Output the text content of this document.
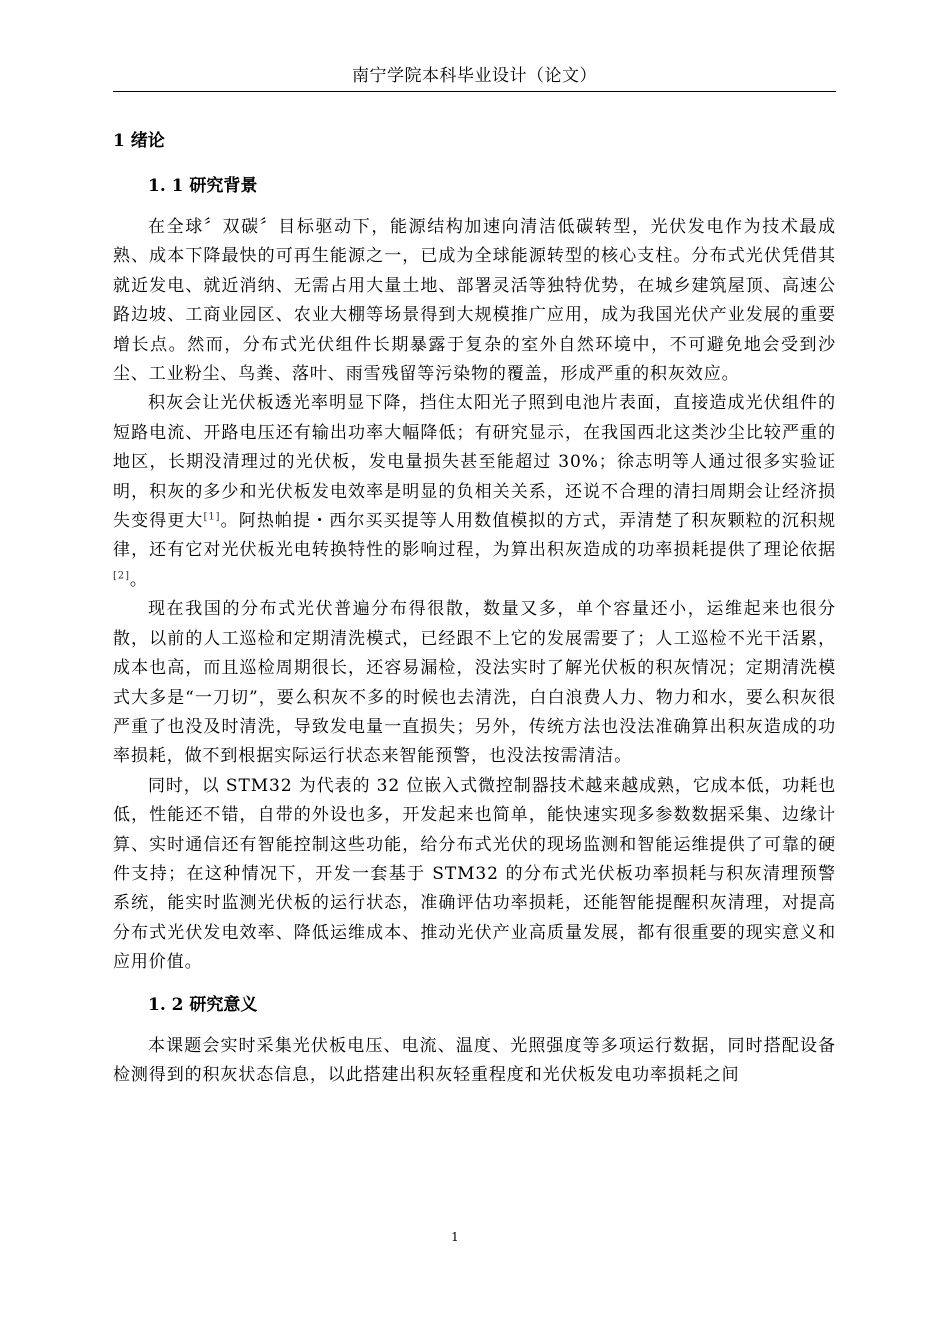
南宁学院本科毕业设计（论文）

1 绪论

1. 1 研究背景

在全球〞双碳〞目标驱动下，能源结构加速向清洁低碳转型，光伏发电作为技术最成熟、成本下降最快的可再生能源之一，已成为全球能源转型的核心支柱。分布式光伏凭借其就近发电、就近消纳、无需占用大量土地、部署灵活等独特优势，在城乡建筑屋顶、高速公路边坡、工商业园区、农业大棚等场景得到大规模推广应用，成为我国光伏产业发展的重要增长点。然而，分布式光伏组件长期暴露于复杂的室外自然环境中，不可避免地会受到沙尘、工业粉尘、鸟粪、落叶、雨雪残留等污染物的覆盖，形成严重的积灰效应。

积灰会让光伏板透光率明显下降，挡住太阳光子照到电池片表面，直接造成光伏组件的短路电流、开路电压还有输出功率大幅降低；有研究显示，在我国西北这类沙尘比较严重的地区，长期没清理过的光伏板，发电量损失甚至能超过 30%；徐志明等人通过很多实验证明，积灰的多少和光伏板发电效率是明显的负相关关系，还说不合理的清扫周期会让经济损失变得更大[1]。阿热帕提・西尔买买提等人用数值模拟的方式，弄清楚了积灰颗粒的沉积规律，还有它对光伏板光电转换特性的影响过程，为算出积灰造成的功率损耗提供了理论依据[2]。

现在我国的分布式光伏普遍分布得很散，数量又多，单个容量还小，运维起来也很分散，以前的人工巡检和定期清洗模式，已经跟不上它的发展需要了；人工巡检不光干活累，成本也高，而且巡检周期很长，还容易漏检，没法实时了解光伏板的积灰情况；定期清洗模式大多是“一刀切”，要么积灰不多的时候也去清洗，白白浪费人力、物力和水，要么积灰很严重了也没及时清洗，导致发电量一直损失；另外，传统方法也没法准确算出积灰造成的功率损耗，做不到根据实际运行状态来智能预警，也没法按需清洁。

同时，以 STM32 为代表的 32 位嵌入式微控制器技术越来越成熟，它成本低，功耗也低，性能还不错，自带的外设也多，开发起来也简单，能快速实现多参数数据采集、边缘计算、实时通信还有智能控制这些功能，给分布式光伏的现场监测和智能运维提供了可靠的硬件支持；在这种情况下，开发一套基于 STM32 的分布式光伏板功率损耗与积灰清理预警系统，能实时监测光伏板的运行状态，准确评估功率损耗，还能智能提醒积灰清理，对提高分布式光伏发电效率、降低运维成本、推动光伏产业高质量发展，都有很重要的现实意义和应用价值。

1. 2 研究意义

本课题会实时采集光伏板电压、电流、温度、光照强度等多项运行数据，同时搭配设备检测得到的积灰状态信息，以此搭建出积灰轻重程度和光伏板发电功率损耗之间

1
